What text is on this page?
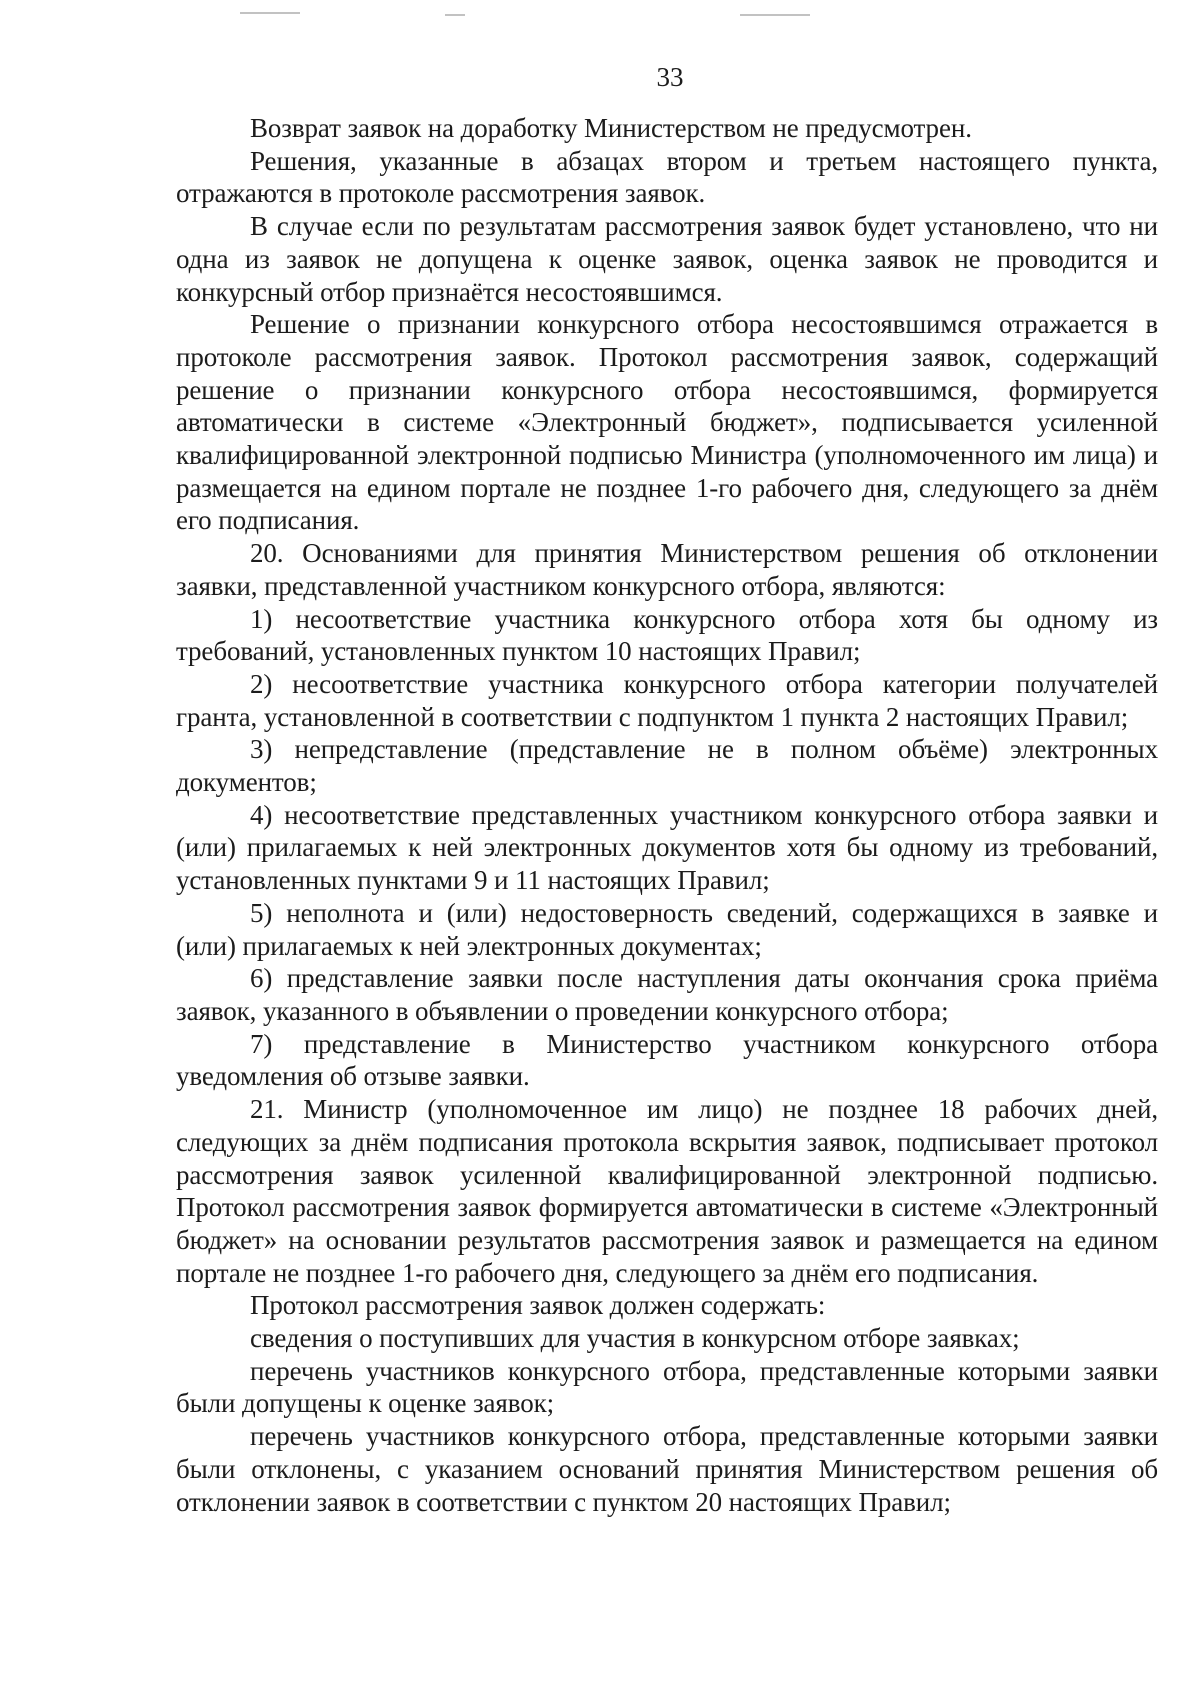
33

Возврат заявок на доработку Министерством не предусмотрен.

Решения, указанные в абзацах втором и третьем настоящего пункта, отражаются в протоколе рассмотрения заявок.

В случае если по результатам рассмотрения заявок будет установлено, что ни одна из заявок не допущена к оценке заявок, оценка заявок не проводится и конкурсный отбор признаётся несостоявшимся.

Решение о признании конкурсного отбора несостоявшимся отражается в протоколе рассмотрения заявок. Протокол рассмотрения заявок, содержащий решение о признании конкурсного отбора несостоявшимся, формируется автоматически в системе «Электронный бюджет», подписывается усиленной квалифицированной электронной подписью Министра (уполномоченного им лица) и размещается на едином портале не позднее 1-го рабочего дня, следующего за днём его подписания.

20. Основаниями для принятия Министерством решения об отклонении заявки, представленной участником конкурсного отбора, являются:

1) несоответствие участника конкурсного отбора хотя бы одному из требований, установленных пунктом 10 настоящих Правил;

2) несоответствие участника конкурсного отбора категории получателей гранта, установленной в соответствии с подпунктом 1 пункта 2 настоящих Правил;

3) непредставление (представление не в полном объёме) электронных документов;

4) несоответствие представленных участником конкурсного отбора заявки и (или) прилагаемых к ней электронных документов хотя бы одному из требований, установленных пунктами 9 и 11 настоящих Правил;

5) неполнота и (или) недостоверность сведений, содержащихся в заявке и (или) прилагаемых к ней электронных документах;

6) представление заявки после наступления даты окончания срока приёма заявок, указанного в объявлении о проведении конкурсного отбора;

7) представление в Министерство участником конкурсного отбора уведомления об отзыве заявки.

21. Министр (уполномоченное им лицо) не позднее 18 рабочих дней, следующих за днём подписания протокола вскрытия заявок, подписывает протокол рассмотрения заявок усиленной квалифицированной электронной подписью. Протокол рассмотрения заявок формируется автоматически в системе «Электронный бюджет» на основании результатов рассмотрения заявок и размещается на едином портале не позднее 1-го рабочего дня, следующего за днём его подписания.

Протокол рассмотрения заявок должен содержать:

сведения о поступивших для участия в конкурсном отборе заявках;

перечень участников конкурсного отбора, представленные которыми заявки были допущены к оценке заявок;

перечень участников конкурсного отбора, представленные которыми заявки были отклонены, с указанием оснований принятия Министерством решения об отклонении заявок в соответствии с пунктом 20 настоящих Правил;
